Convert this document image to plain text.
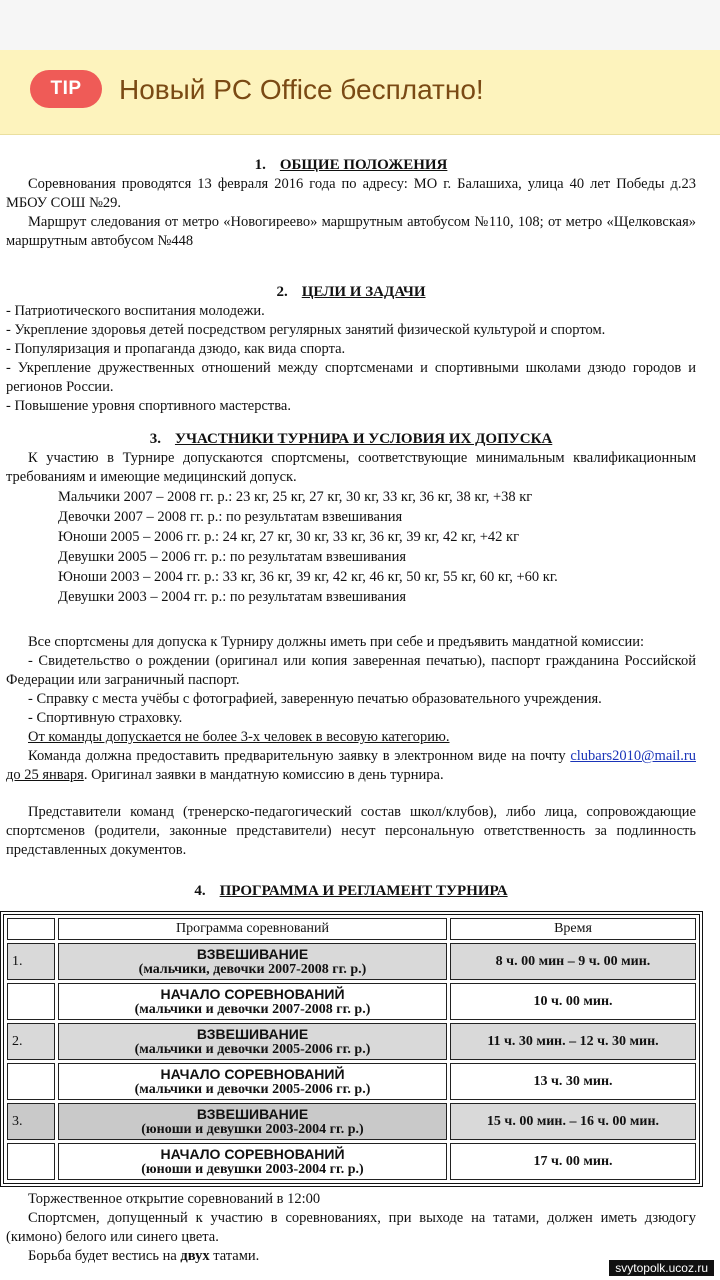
TIP	Новый PC Office бесплатно!
1. ОБЩИЕ ПОЛОЖЕНИЯ

Соревнования проводятся 13 февраля 2016 года по адресу: МО г. Балашиха, улица 40 лет Победы д.23 МБОУ СОШ №29.

Маршрут следования от метро «Новогиреево» маршрутным автобусом №110, 108; от метро «Щелковская» маршрутным автобусом №448

2. ЦЕЛИ И ЗАДАЧИ

- Патриотического воспитания молодежи.

- Укрепление здоровья детей посредством регулярных занятий физической культурой и спортом.

- Популяризация и пропаганда дзюдо, как вида спорта.

- Укрепление дружественных отношений между спортсменами и спортивными школами дзюдо городов и регионов России.

- Повышение уровня спортивного мастерства.

3. УЧАСТНИКИ ТУРНИРА И УСЛОВИЯ ИХ ДОПУСКА

К участию в Турнире допускаются спортсмены, соответствующие минимальным квалификационным требованиям и имеющие медицинский допуск.

Мальчики 2007 – 2008 гг. р.: 23 кг, 25 кг, 27 кг, 30 кг, 33 кг, 36 кг, 38 кг, +38 кг

Девочки 2007 – 2008 гг. р.: по результатам взвешивания

Юноши 2005 – 2006 гг. р.: 24 кг, 27 кг, 30 кг, 33 кг, 36 кг, 39 кг, 42 кг, +42 кг

Девушки 2005 – 2006 гг. р.: по результатам взвешивания

Юноши 2003 – 2004 гг. р.: 33 кг, 36 кг, 39 кг, 42 кг, 46 кг, 50 кг, 55 кг, 60 кг, +60 кг.

Девушки 2003 – 2004 гг. р.: по результатам взвешивания

Все спортсмены для допуска к Турниру должны иметь при себе и предъявить мандатной комиссии:

- Свидетельство о рождении (оригинал или копия заверенная печатью), паспорт гражданина Российской Федерации или заграничный паспорт.

- Справку с места учёбы с фотографией, заверенную печатью образовательного учреждения.

- Спортивную страховку.

От команды допускается не более 3-х человек в весовую категорию.

Команда должна предоставить предварительную заявку в электронном виде на почту clubars2010@mail.ru до 25 января. Оригинал заявки в мандатную комиссию в день турнира.

Представители команд (тренерско-педагогический состав школ/клубов), либо лица, сопровождающие спортсменов (родители, законные представители) несут персональную ответственность за подлинность представленных документов.

4. ПРОГРАММА И РЕГЛАМЕНТ ТУРНИРА
	Программа соревнований	Время
1.	ВЗВЕШИВАНИЕ
(мальчики, девочки 2007-2008 гг. р.)	8 ч. 00 мин – 9 ч. 00 мин.

	НАЧАЛО СОРЕВНОВАНИЙ
(мальчики и девочки 2007-2008 гг. р.)	10 ч. 00 мин.
2.	ВЗВЕШИВАНИЕ
(мальчики и девочки 2005-2006 гг. р.)	11 ч. 30 мин. – 12 ч. 30 мин.

	НАЧАЛО СОРЕВНОВАНИЙ
(мальчики и девочки 2005-2006 гг. р.)	13 ч. 30 мин.
3.	ВЗВЕШИВАНИЕ
(юноши и девушки 2003-2004 гг. р.)	15 ч. 00 мин. – 16 ч. 00 мин.

	НАЧАЛО СОРЕВНОВАНИЙ
(юноши и девушки 2003-2004 гг. р.)	17 ч. 00 мин.

Торжественное открытие соревнований в 12:00

Спортсмен, допущенный к участию в соревнованиях, при выходе на татами, должен иметь дзюдогу (кимоно) белого или синего цвета.

Борьба будет вестись на двух татами.

svytopolk.ucoz.ru
